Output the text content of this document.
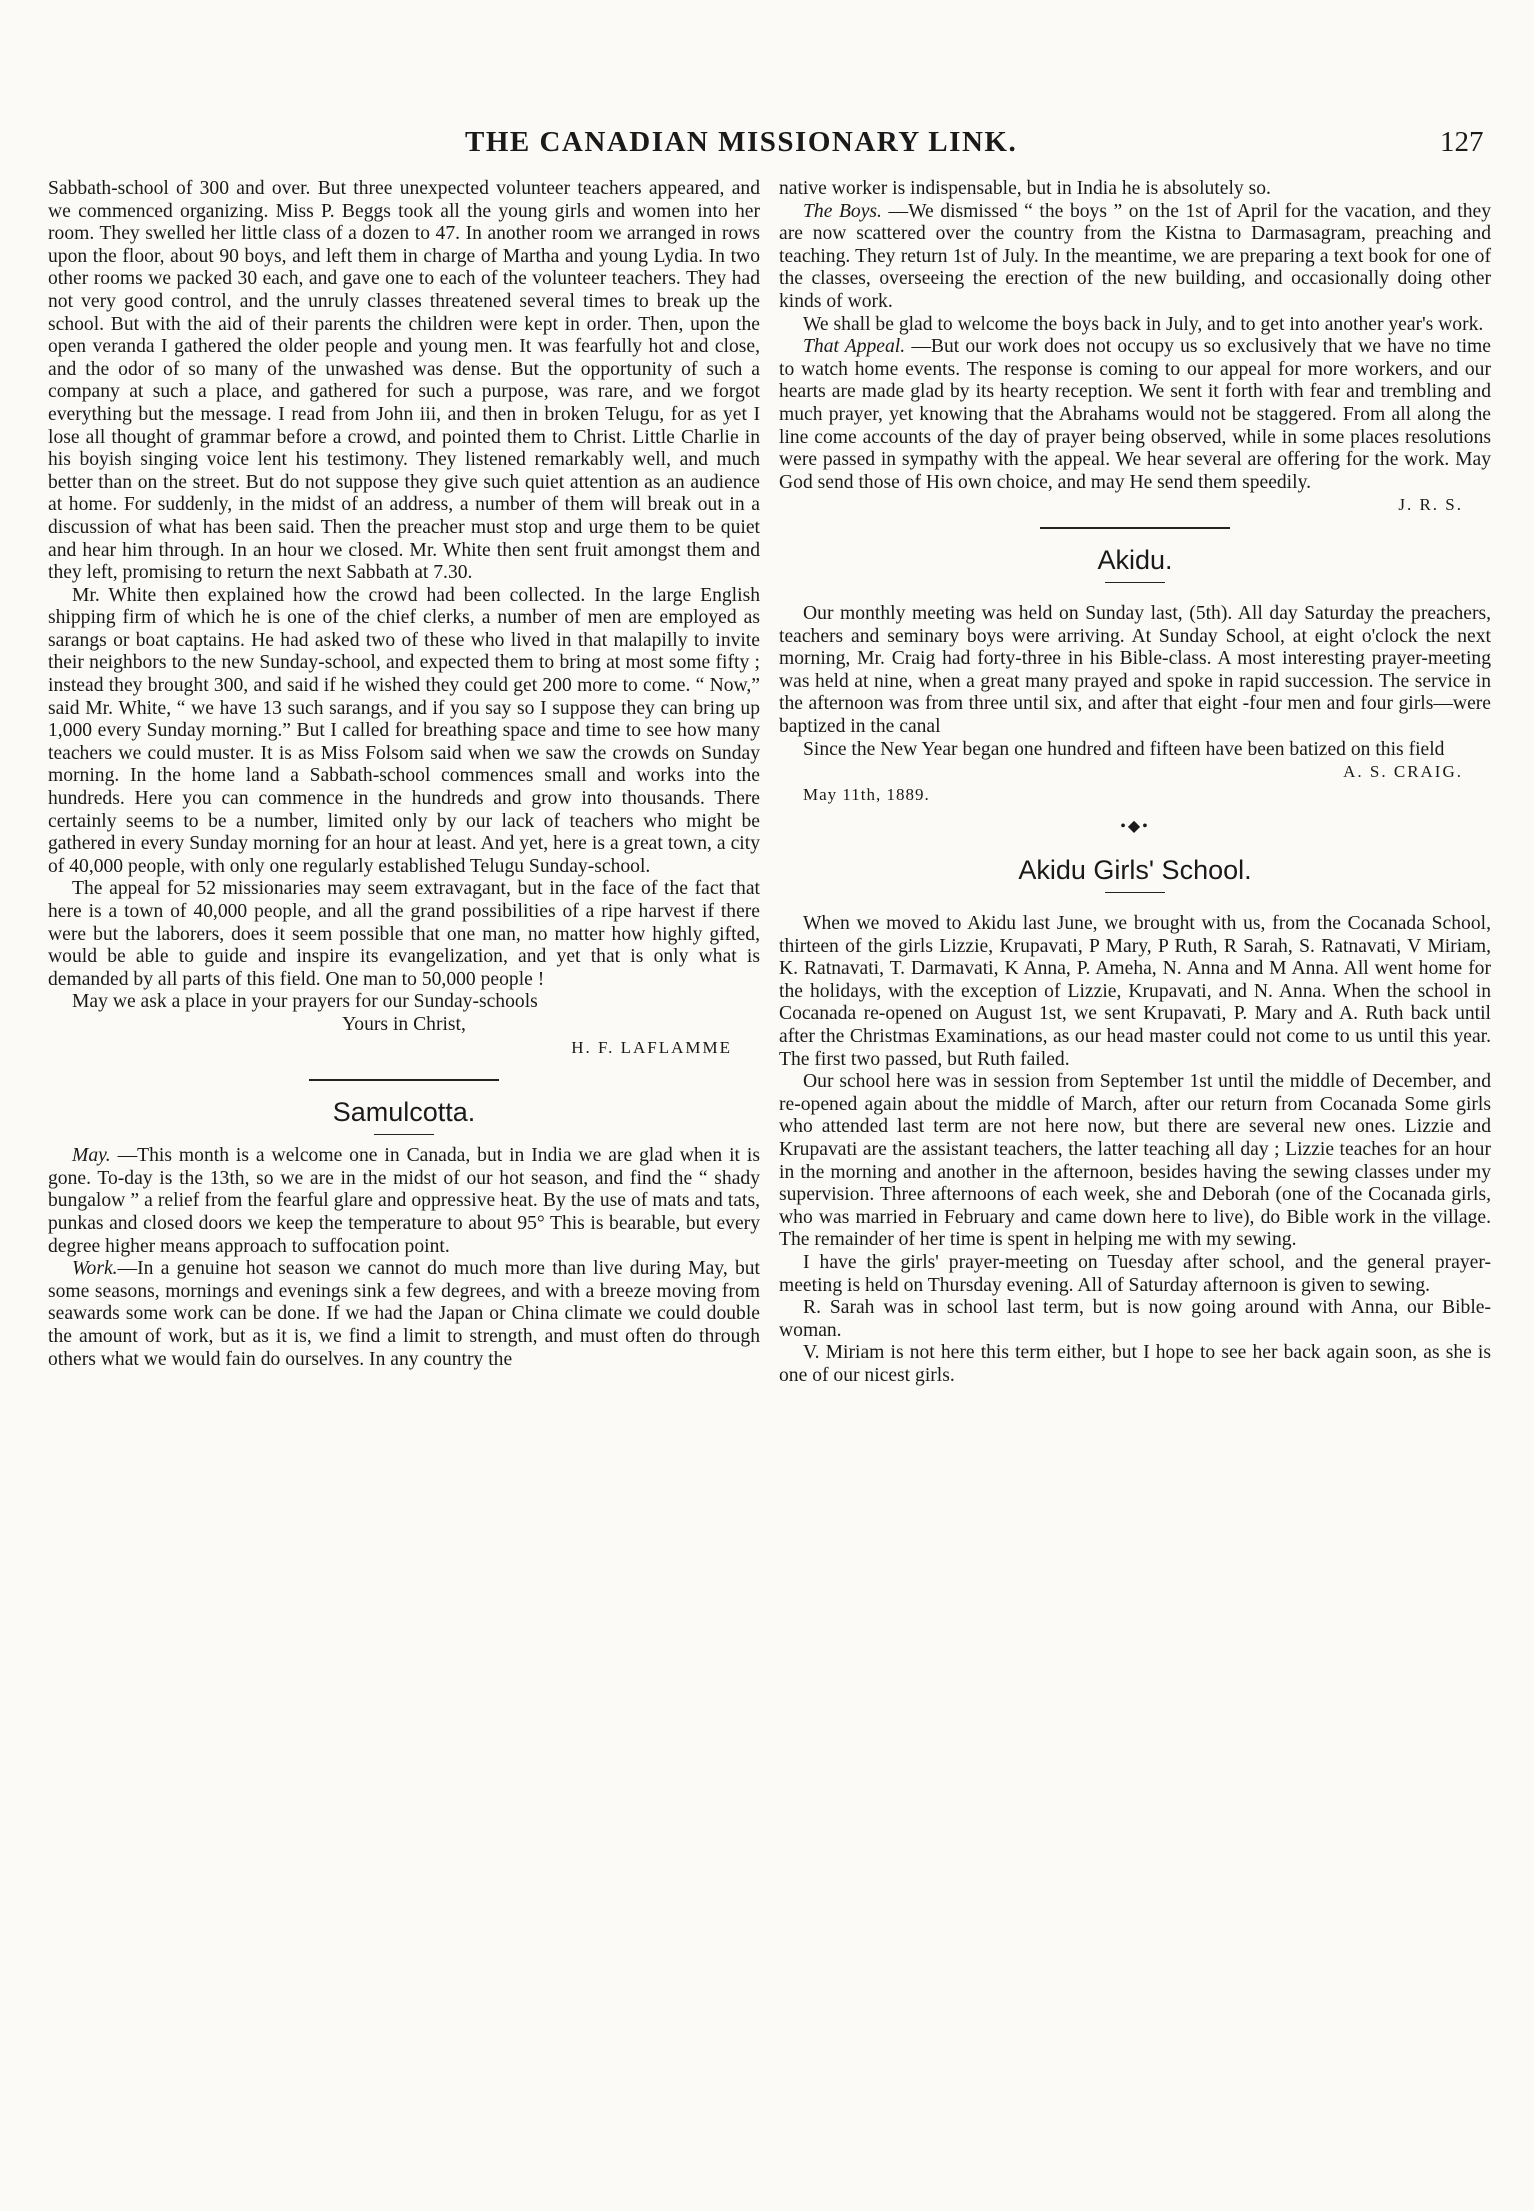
THE CANADIAN MISSIONARY LINK.	127

Sabbath-school of 300 and over. But three unexpected volunteer teachers appeared, and we commenced organizing. Miss P. Beggs took all the young girls and women into her room. They swelled her little class of a dozen to 47. In another room we arranged in rows upon the floor, about 90 boys, and left them in charge of Martha and young Lydia. In two other rooms we packed 30 each, and gave one to each of the volunteer teachers. They had not very good control, and the unruly classes threatened several times to break up the school. But with the aid of their parents the children were kept in order. Then, upon the open veranda I gathered the older people and young men. It was fearfully hot and close, and the odor of so many of the unwashed was dense. But the opportunity of such a company at such a place, and gathered for such a purpose, was rare, and we forgot everything but the message. I read from John iii, and then in broken Telugu, for as yet I lose all thought of grammar before a crowd, and pointed them to Christ. Little Charlie in his boyish singing voice lent his testimony. They listened remarkably well, and much better than on the street. But do not suppose they give such quiet attention as an audience at home. For suddenly, in the midst of an address, a number of them will break out in a discussion of what has been said. Then the preacher must stop and urge them to be quiet and hear him through. In an hour we closed. Mr. White then sent fruit amongst them and they left, promising to return the next Sabbath at 7.30.

Mr. White then explained how the crowd had been collected. In the large English shipping firm of which he is one of the chief clerks, a number of men are employed as sarangs or boat captains. He had asked two of these who lived in that malapilly to invite their neighbors to the new Sunday-school, and expected them to bring at most some fifty ; instead they brought 300, and said if he wished they could get 200 more to come. “ Now,” said Mr. White, “ we have 13 such sarangs, and if you say so I suppose they can bring up 1,000 every Sunday morning.” But I called for breathing space and time to see how many teachers we could muster. It is as Miss Folsom said when we saw the crowds on Sunday morning. In the home land a Sabbath-school commences small and works into the hundreds. Here you can commence in the hundreds and grow into thousands. There certainly seems to be a number, limited only by our lack of teachers who might be gathered in every Sunday morning for an hour at least. And yet, here is a great town, a city of 40,000 people, with only one regularly established Telugu Sunday-school.

The appeal for 52 missionaries may seem extravagant, but in the face of the fact that here is a town of 40,000 people, and all the grand possibilities of a ripe harvest if there were but the laborers, does it seem possible that one man, no matter how highly gifted, would be able to guide and inspire its evangelization, and yet that is only what is demanded by all parts of this field. One man to 50,000 people !

May we ask a place in your prayers for our Sunday-schools

Yours in Christ,
H. F. LAFLAMME
Samulcotta.

May. —This month is a welcome one in Canada, but in India we are glad when it is gone. To-day is the 13th, so we are in the midst of our hot season, and find the “ shady bungalow ” a relief from the fearful glare and oppressive heat. By the use of mats and tats, punkas and closed doors we keep the temperature to about 95° This is bearable, but every degree higher means approach to suffocation point.

Work.—In a genuine hot season we cannot do much more than live during May, but some seasons, mornings and evenings sink a few degrees, and with a breeze moving from seawards some work can be done. If we had the Japan or China climate we could double the amount of work, but as it is, we find a limit to strength, and must often do through others what we would fain do ourselves. In any country the

native worker is indispensable, but in India he is absolutely so.

The Boys. —We dismissed “ the boys ” on the 1st of April for the vacation, and they are now scattered over the country from the Kistna to Darmasagram, preaching and teaching. They return 1st of July. In the meantime, we are preparing a text book for one of the classes, overseeing the erection of the new building, and occasionally doing other kinds of work.

We shall be glad to welcome the boys back in July, and to get into another year's work.

That Appeal. —But our work does not occupy us so exclusively that we have no time to watch home events. The response is coming to our appeal for more workers, and our hearts are made glad by its hearty reception. We sent it forth with fear and trembling and much prayer, yet knowing that the Abrahams would not be staggered. From all along the line come accounts of the day of prayer being observed, while in some places resolutions were passed in sympathy with the appeal. We hear several are offering for the work. May God send those of His own choice, and may He send them speedily.

J. R. S.
Akidu.

Our monthly meeting was held on Sunday last, (5th). All day Saturday the preachers, teachers and seminary boys were arriving. At Sunday School, at eight o'clock the next morning, Mr. Craig had forty-three in his Bible-class. A most interesting prayer-meeting was held at nine, when a great many prayed and spoke in rapid succession. The service in the afternoon was from three until six, and after that eight -four men and four girls—were baptized in the canal

Since the New Year began one hundred and fifteen have been batized on this field

A. S. CRAIG.
May 11th, 1889.
•◆•
Akidu Girls' School.

When we moved to Akidu last June, we brought with us, from the Cocanada School, thirteen of the girls Lizzie, Krupavati, P Mary, P Ruth, R Sarah, S. Ratnavati, V Miriam, K. Ratnavati, T. Darmavati, K Anna, P. Ameha, N. Anna and M Anna. All went home for the holidays, with the exception of Lizzie, Krupavati, and N. Anna. When the school in Cocanada re-opened on August 1st, we sent Krupavati, P. Mary and A. Ruth back until after the Christmas Examinations, as our head master could not come to us until this year. The first two passed, but Ruth failed.

Our school here was in session from September 1st until the middle of December, and re-opened again about the middle of March, after our return from Cocanada Some girls who attended last term are not here now, but there are several new ones. Lizzie and Krupavati are the assistant teachers, the latter teaching all day ; Lizzie teaches for an hour in the morning and another in the afternoon, besides having the sewing classes under my supervision. Three afternoons of each week, she and Deborah (one of the Cocanada girls, who was married in February and came down here to live), do Bible work in the village. The remainder of her time is spent in helping me with my sewing.

I have the girls' prayer-meeting on Tuesday after school, and the general prayer-meeting is held on Thursday evening. All of Saturday afternoon is given to sewing.

R. Sarah was in school last term, but is now going around with Anna, our Bible-woman.

V. Miriam is not here this term either, but I hope to see her back again soon, as she is one of our nicest girls.
